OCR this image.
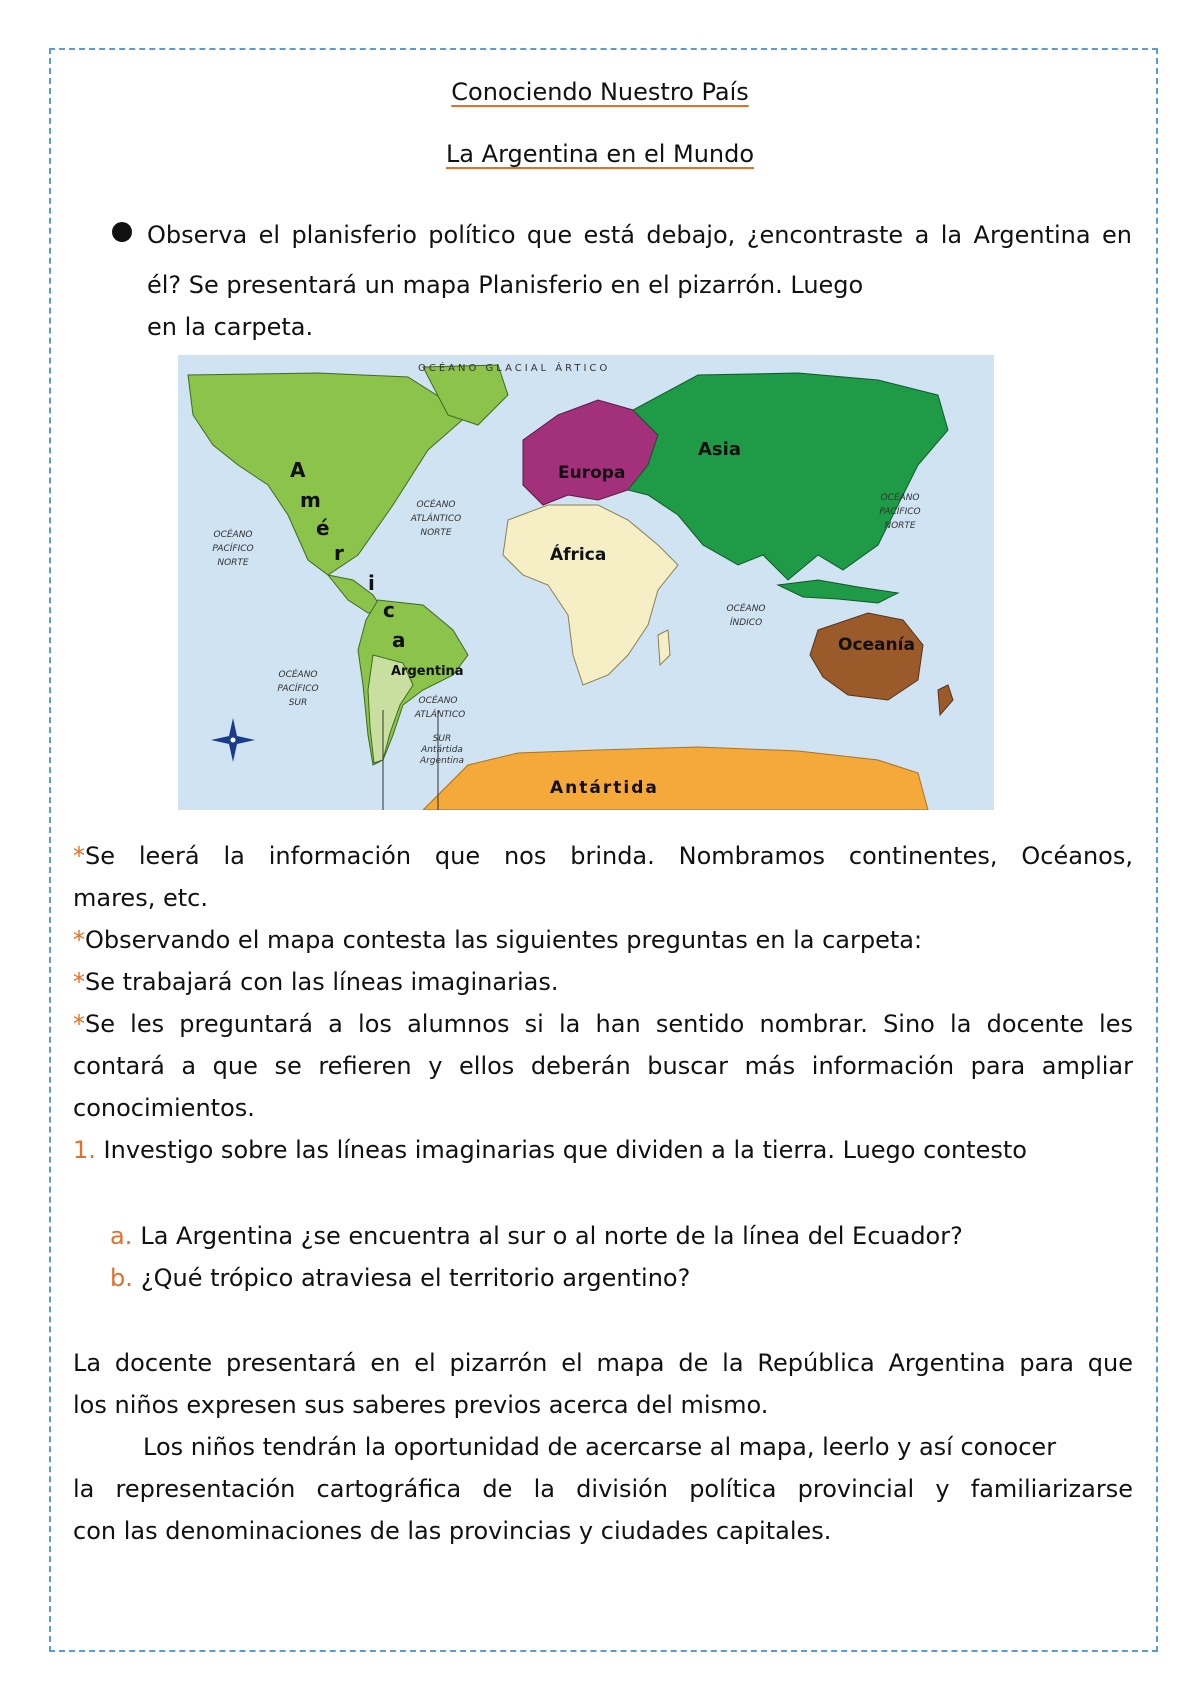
Conociendo Nuestro País
La Argentina en el Mundo
Observa el planisferio político que está debajo, ¿encontraste a la Argentina en él? Se presentará un mapa Planisferio en el pizarrón. Luego
en la carpeta.
OCÉANO GLACIAL ÁRTICO
OCÉANO
ATLÁNTICO
NORTE
OCÉANO
PACÍFICO
NORTE
OCÉANO
PACÍFICO
NORTE
OCÉANO
ÍNDICO
OCÉANO
PACÍFICO
SUR	OCÉANO
ATLÁNTICO
SUR
Antártida
Argentina
Asia
Europa
África
Oceanía
Antártida
Argentina
A
m
é
r
i
c
a
*Se leerá la información que nos brinda. Nombramos continentes, Océanos,
mares, etc.
*Observando el mapa contesta las siguientes preguntas en la carpeta:
*Se trabajará con las líneas imaginarias.
*Se les preguntará a los alumnos si la han sentido nombrar. Sino la docente les
contará a que se refieren y ellos deberán buscar más información para ampliar
conocimientos.
1. Investigo sobre las líneas imaginarias que dividen a la tierra. Luego contesto
a. La Argentina ¿se encuentra al sur o al norte de la línea del Ecuador?
b. ¿Qué trópico atraviesa el territorio argentino?
La docente presentará en el pizarrón el mapa de la República Argentina para que
los niños expresen sus saberes previos acerca del mismo.
Los niños tendrán la oportunidad de acercarse al mapa, leerlo y así conocer
la representación cartográfica de la división política provincial y familiarizarse
con las denominaciones de las provincias y ciudades capitales.
